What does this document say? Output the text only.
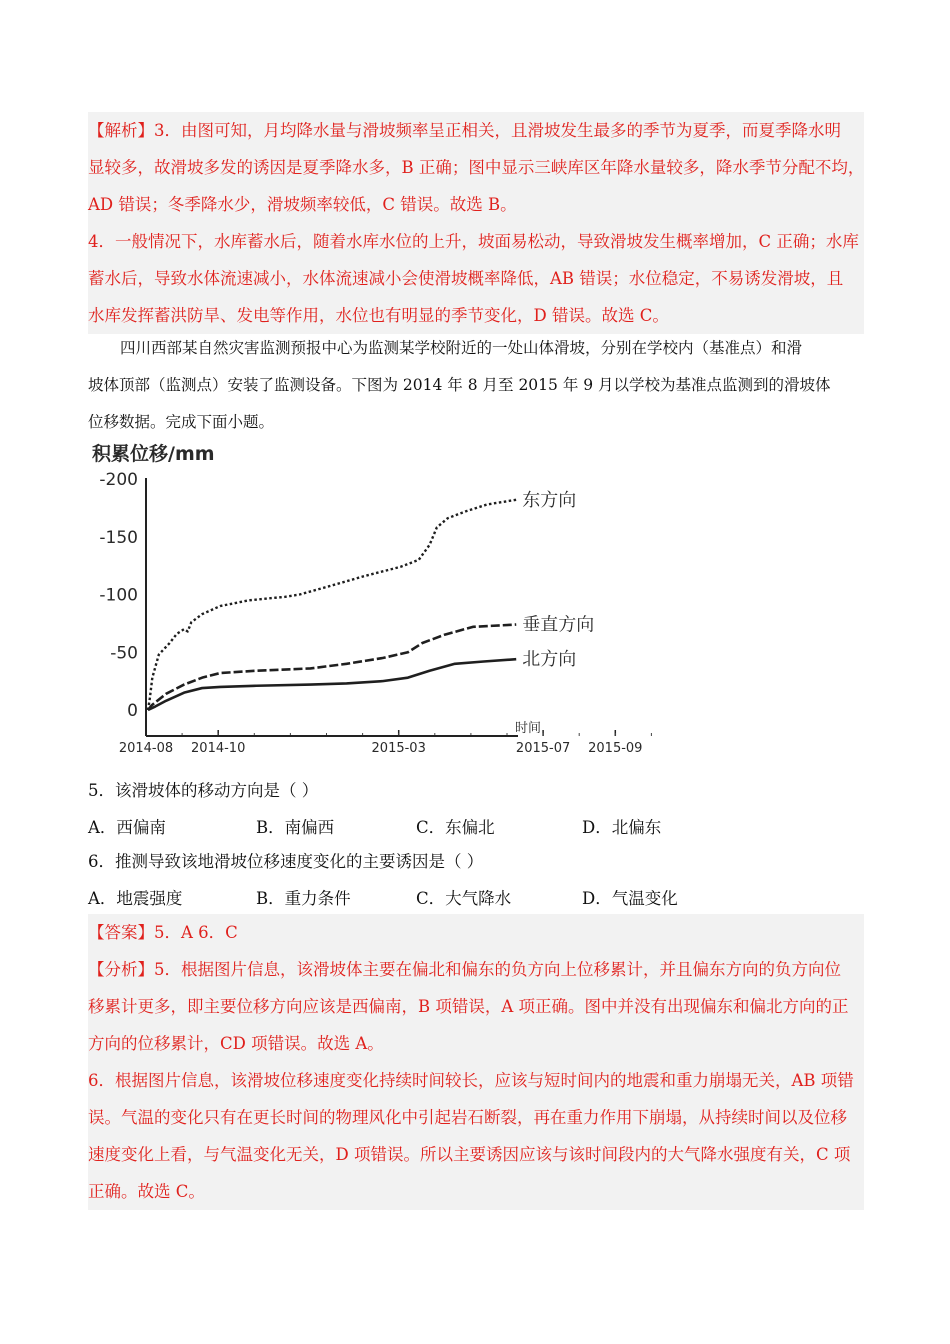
【解析】3．由图可知，月均降水量与滑坡频率呈正相关，且滑坡发生最多的季节为夏季，而夏季降水明
显较多，故滑坡多发的诱因是夏季降水多，B 正确；图中显示三峡库区年降水量较多，降水季节分配不均，
AD 错误；冬季降水少，滑坡频率较低，C 错误。故选 B。
4．一般情况下，水库蓄水后，随着水库水位的上升，坡面易松动，导致滑坡发生概率增加，C 正确；水库
蓄水后，导致水体流速减小，水体流速减小会使滑坡概率降低，AB 错误；水位稳定，不易诱发滑坡，且
水库发挥蓄洪防旱、发电等作用，水位也有明显的季节变化，D 错误。故选 C。
四川西部某自然灾害监测预报中心为监测某学校附近的一处山体滑坡，分别在学校内（基准点）和滑
坡体顶部（监测点）安装了监测设备。下图为 2014 年 8 月至 2015 年 9 月以学校为基准点监测到的滑坡体
位移数据。完成下面小题。
积累位移/mm
-200
-150
-100
-50
0
2014-08 2014-10	2015-03	2015-07 2015-09
时间
东方向
垂直方向
北方向
5．该滑坡体的移动方向是（ ）
A．西偏南	B．南偏西	C．东偏北	D．北偏东
6．推测导致该地滑坡位移速度变化的主要诱因是（ ）
A．地震强度	B．重力条件	C．大气降水	D．气温变化
【答案】5．A 6．C
【分析】5．根据图片信息，该滑坡体主要在偏北和偏东的负方向上位移累计，并且偏东方向的负方向位
移累计更多，即主要位移方向应该是西偏南，B 项错误，A 项正确。图中并没有出现偏东和偏北方向的正
方向的位移累计，CD 项错误。故选 A。
6．根据图片信息，该滑坡位移速度变化持续时间较长，应该与短时间内的地震和重力崩塌无关，AB 项错
误。气温的变化只有在更长时间的物理风化中引起岩石断裂，再在重力作用下崩塌，从持续时间以及位移
速度变化上看，与气温变化无关，D 项错误。所以主要诱因应该与该时间段内的大气降水强度有关，C 项
正确。故选 C。
